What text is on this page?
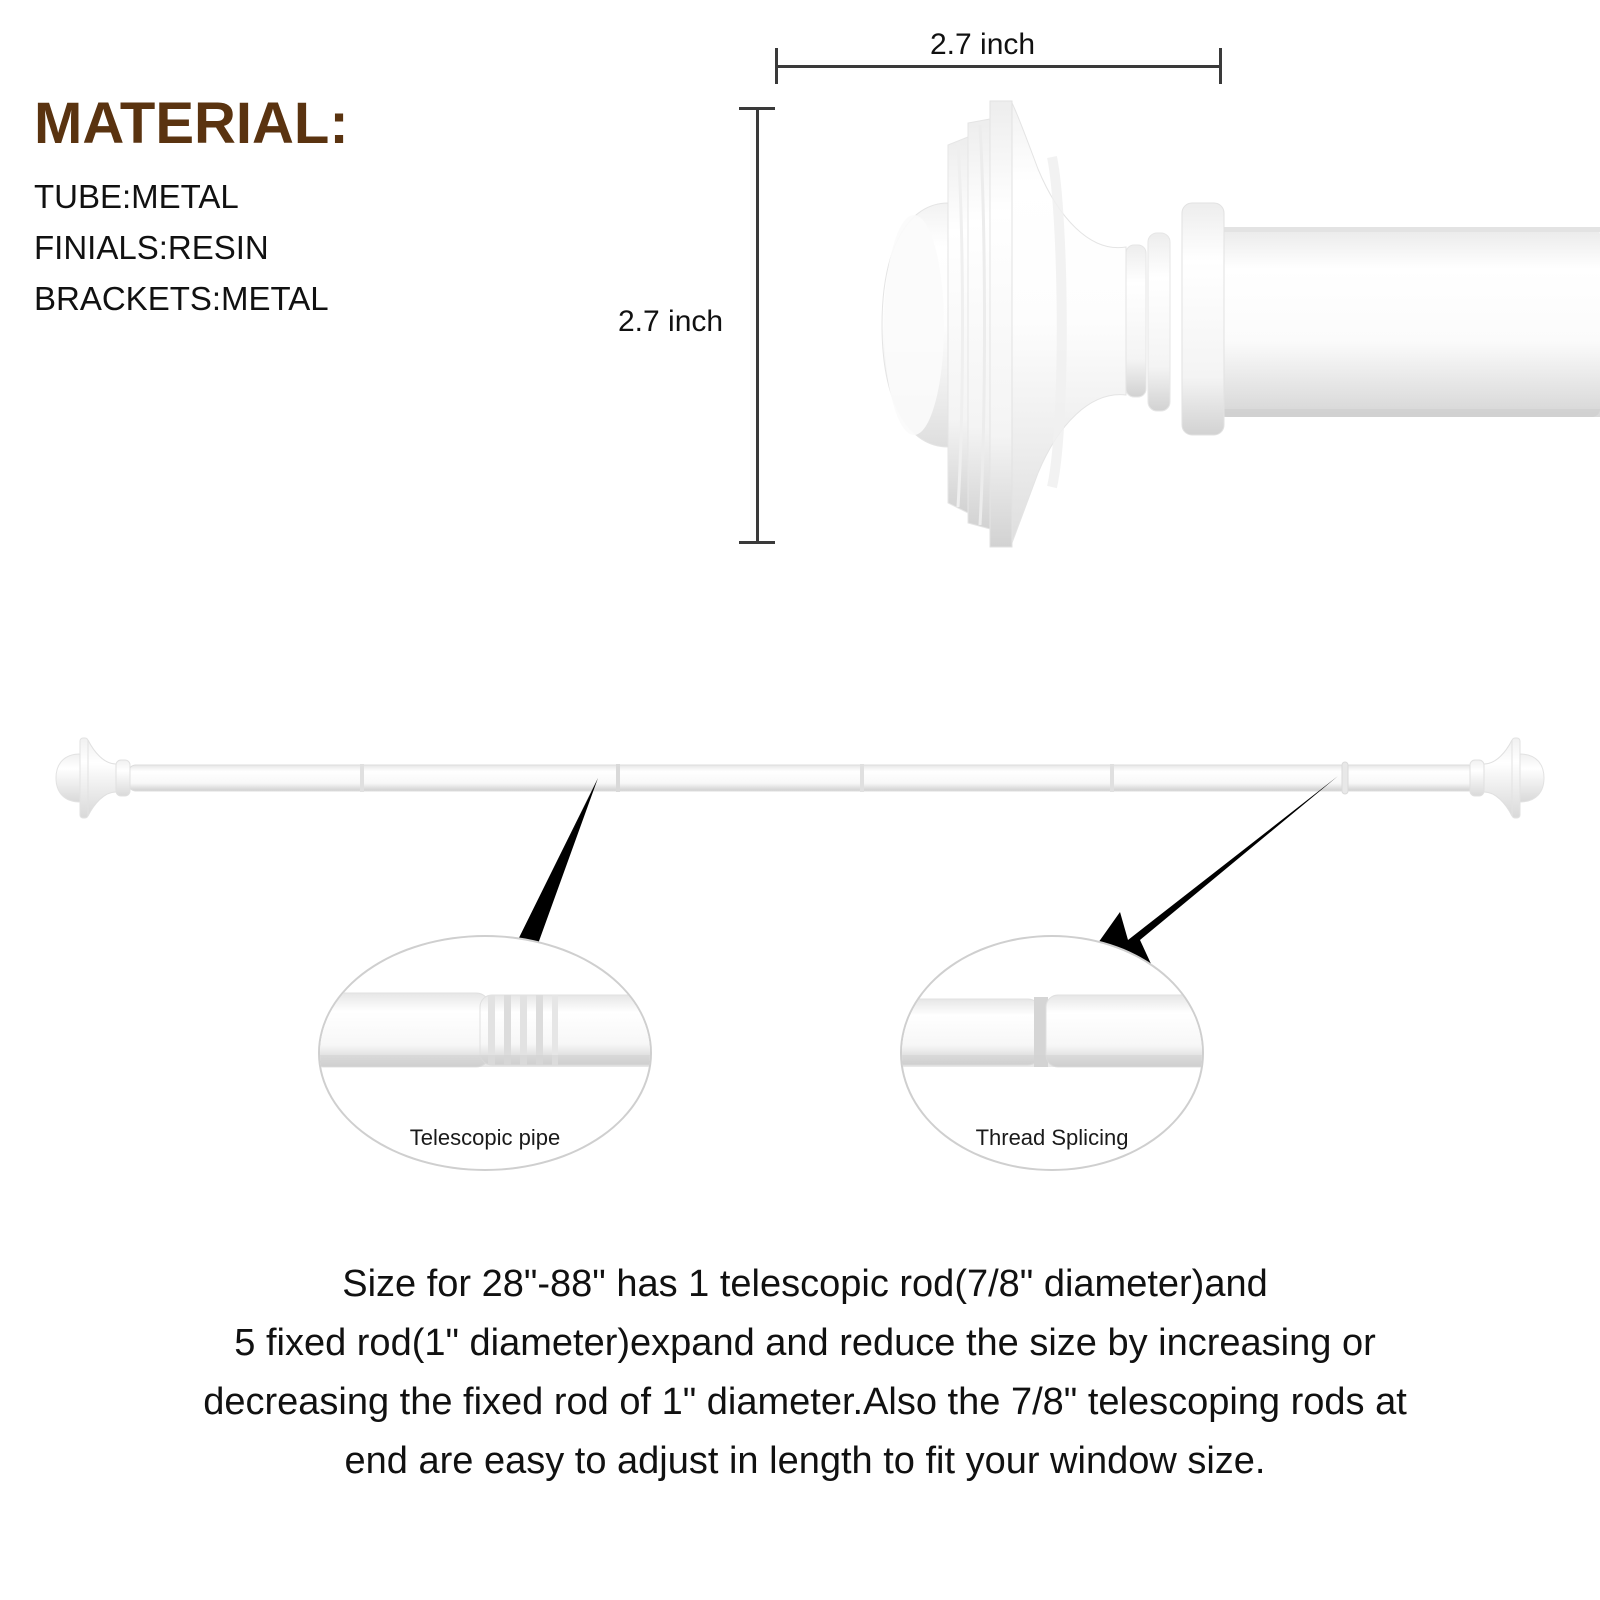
MATERIAL:
TUBE:METAL
FINIALS:RESIN
BRACKETS:METAL
2.7 inch
2.7 inch
Telescopic pipe	Thread Splicing
Size for 28"-88" has 1 telescopic rod(7/8" diameter)and
5 fixed rod(1" diameter)expand and reduce the size by increasing or
decreasing the fixed rod of 1" diameter.Also the 7/8" telescoping rods at
end are easy to adjust in length to fit your window size.
